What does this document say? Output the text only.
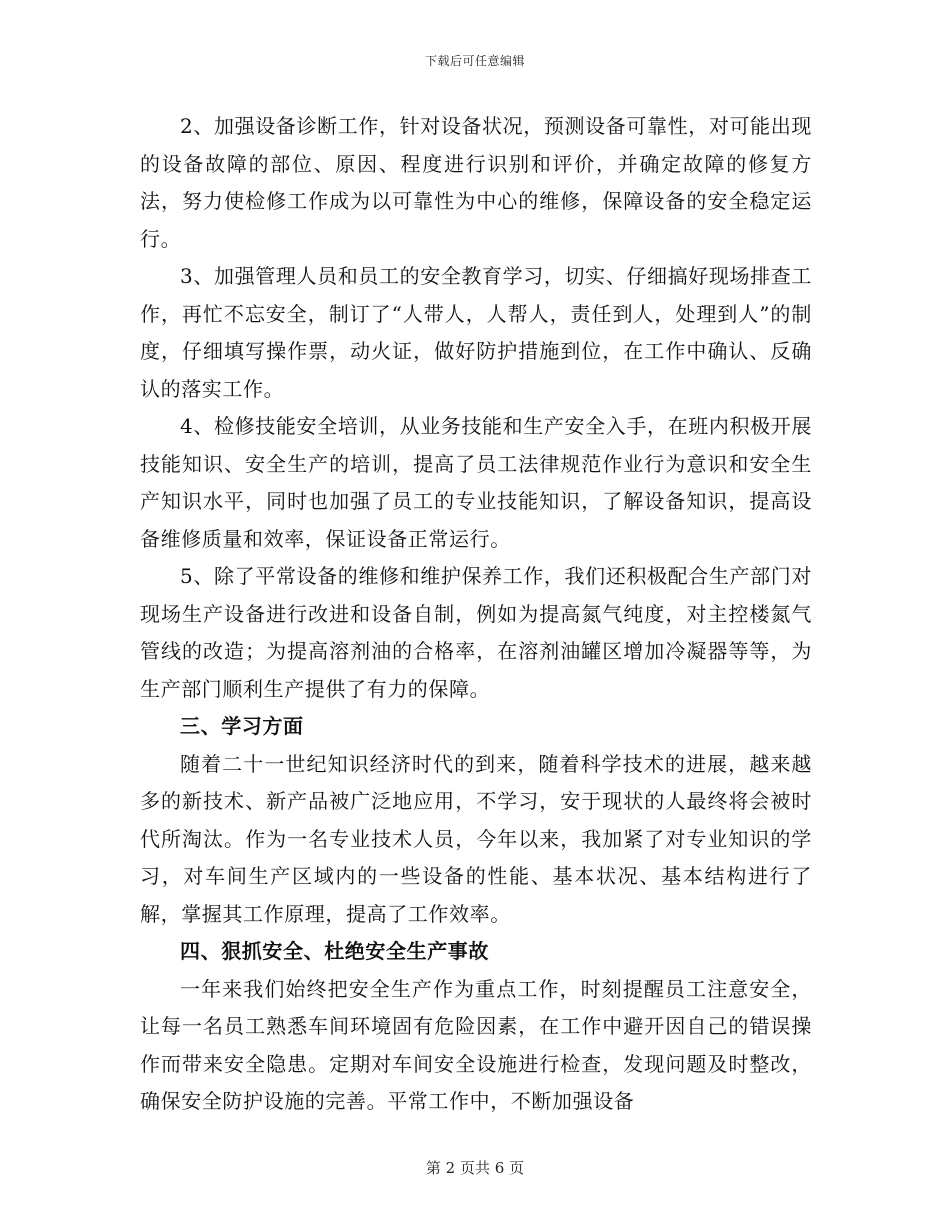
下载后可任意编辑

2、加强设备诊断工作，针对设备状况，预测设备可靠性，对可能出现的设备故障的部位、原因、程度进行识别和评价，并确定故障的修复方法，努力使检修工作成为以可靠性为中心的维修，保障设备的安全稳定运行。

3、加强管理人员和员工的安全教育学习，切实、仔细搞好现场排查工作，再忙不忘安全，制订了“人带人，人帮人，责任到人，处理到人”的制度，仔细填写操作票，动火证，做好防护措施到位，在工作中确认、反确认的落实工作。

4、检修技能安全培训，从业务技能和生产安全入手，在班内积极开展技能知识、安全生产的培训，提高了员工法律规范作业行为意识和安全生产知识水平，同时也加强了员工的专业技能知识，了解设备知识，提高设备维修质量和效率，保证设备正常运行。

5、除了平常设备的维修和维护保养工作，我们还积极配合生产部门对现场生产设备进行改进和设备自制，例如为提高氮气纯度，对主控楼氮气管线的改造；为提高溶剂油的合格率，在溶剂油罐区增加冷凝器等等，为生产部门顺利生产提供了有力的保障。

三、学习方面

随着二十一世纪知识经济时代的到来，随着科学技术的进展，越来越多的新技术、新产品被广泛地应用，不学习，安于现状的人最终将会被时代所淘汰。作为一名专业技术人员，今年以来，我加紧了对专业知识的学习，对车间生产区域内的一些设备的性能、基本状况、基本结构进行了解，掌握其工作原理，提高了工作效率。

四、狠抓安全、杜绝安全生产事故

一年来我们始终把安全生产作为重点工作，时刻提醒员工注意安全，让每一名员工熟悉车间环境固有危险因素，在工作中避开因自己的错误操作而带来安全隐患。定期对车间安全设施进行检查，发现问题及时整改，确保安全防护设施的完善。平常工作中，不断加强设备

第 2 页共 6 页
